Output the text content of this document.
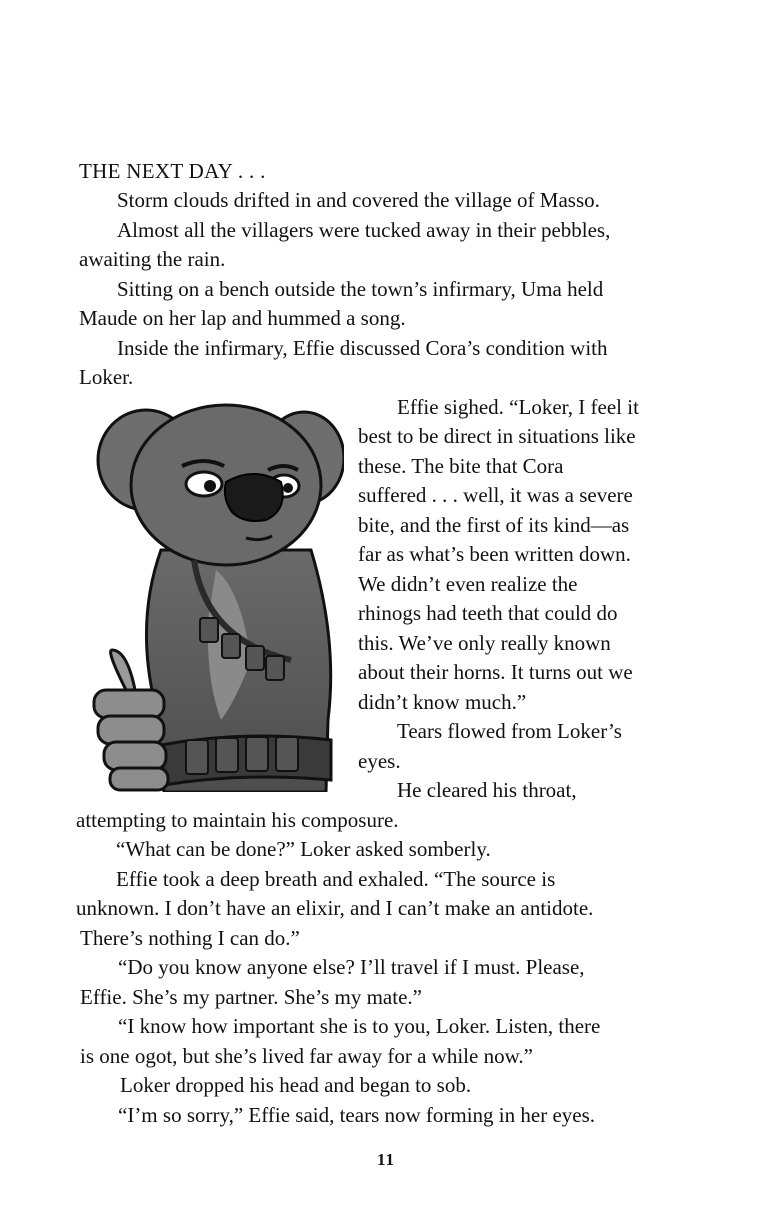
THE NEXT DAY . . .
Storm clouds drifted in and covered the village of Masso.
Almost all the villagers were tucked away in their pebbles,
awaiting the rain.
Sitting on a bench outside the town’s infirmary, Uma held
Maude on her lap and hummed a song.
Inside the infirmary, Effie discussed Cora’s condition with
Loker.
Effie sighed. “Loker, I feel it
best to be direct in situations like
these. The bite that Cora
suffered . . . well, it was a severe
bite, and the first of its kind—as
far as what’s been written down.
We didn’t even realize the
rhinogs had teeth that could do
this. We’ve only really known
about their horns. It turns out we
didn’t know much.”
Tears flowed from Loker’s
eyes.
He cleared his throat,
attempting to maintain his composure.
“What can be done?” Loker asked somberly.
Effie took a deep breath and exhaled. “The source is
unknown. I don’t have an elixir, and I can’t make an antidote.
There’s nothing I can do.”
“Do you know anyone else? I’ll travel if I must. Please,
Effie. She’s my partner. She’s my mate.”
“I know how important she is to you, Loker. Listen, there
is one ogot, but she’s lived far away for a while now.”
Loker dropped his head and began to sob.
“I’m so sorry,” Effie said, tears now forming in her eyes.
11
